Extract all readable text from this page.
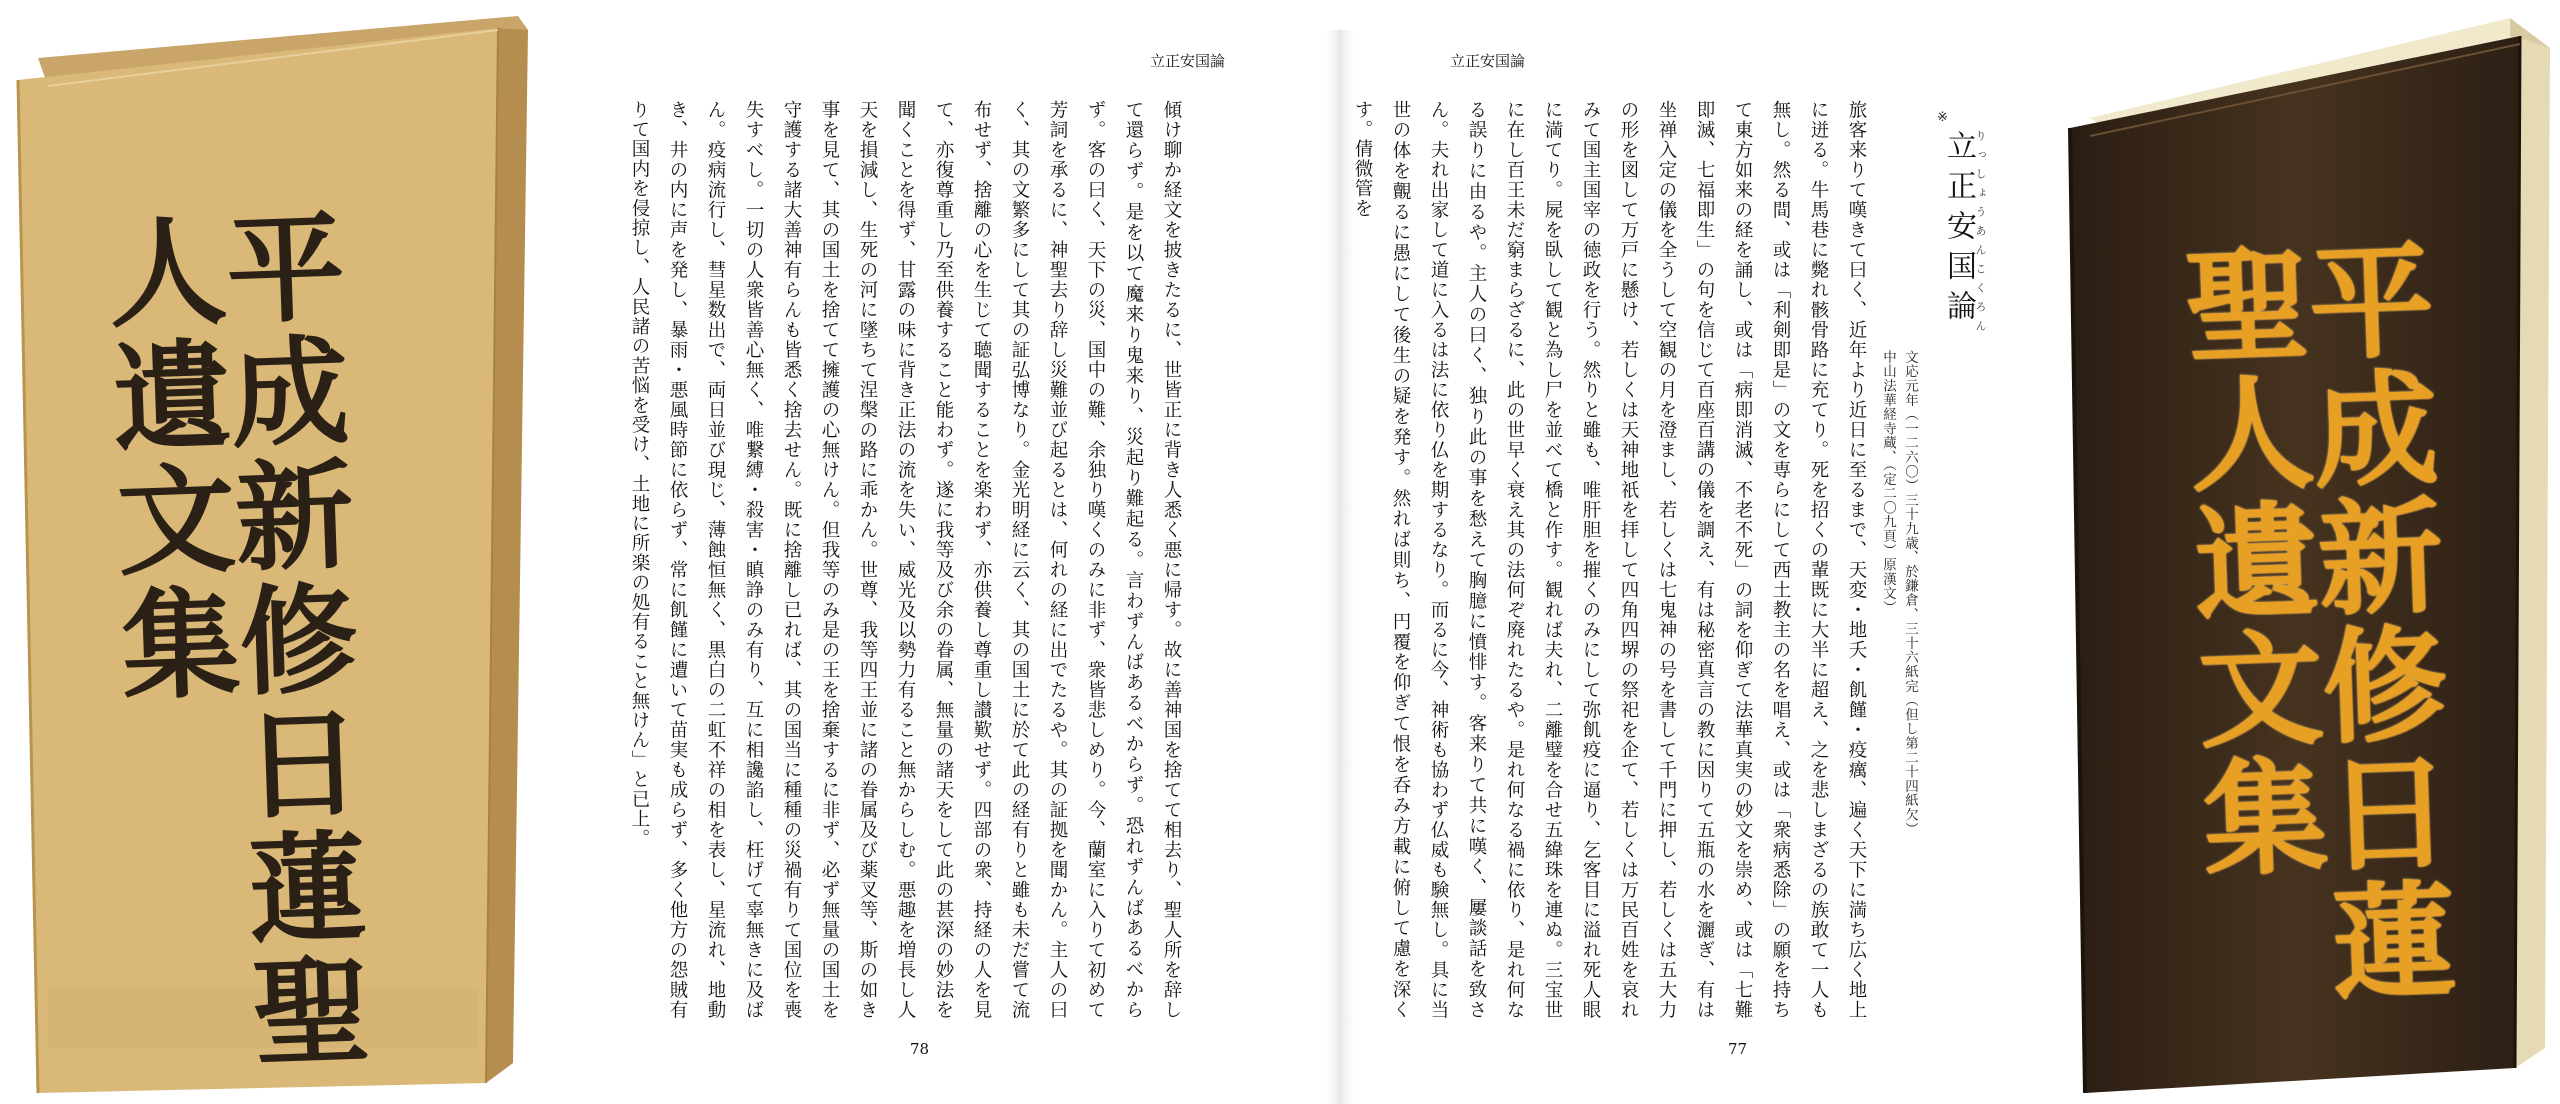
平成新修日蓮聖人遺文集
立正安国論
傾け聊か経文を披きたるに、世皆正に背き人悉く悪に帰す。故に善神国を捨てて相去り、聖人所を辞して還らず。是を以て魔来り鬼来り、災起り難起る。言わずんばあるべからず。恐れずんばあるべからず。客の曰く、天下の災、国中の難、余独り嘆くのみに非ず、衆皆悲しめり。今、蘭室に入りて初めて芳詞を承るに、神聖去り辞し災難並び起るとは、何れの経に出でたるや。其の証拠を聞かん。主人の曰く、其の文繁多にして其の証弘博なり。金光明経に云く、其の国土に於て此の経有りと雖も未だ嘗て流布せず、捨離の心を生じて聴聞することを楽わず、亦供養し尊重し讃歎せず。四部の衆、持経の人を見て、亦復尊重し乃至供養すること能わず。遂に我等及び余の眷属、無量の諸天をして此の甚深の妙法を聞くことを得ず、甘露の味に背き正法の流を失い、威光及以勢力有ること無からしむ。悪趣を増長し人天を損減し、生死の河に墜ちて涅槃の路に乖かん。世尊、我等四王並に諸の眷属及び薬叉等、斯の如き事を見て、其の国土を捨てて擁護の心無けん。但我等のみ是の王を捨棄するに非ず、必ず無量の国土を守護する諸大善神有らんも皆悉く捨去せん。既に捨離し已れば、其の国当に種種の災禍有りて国位を喪失すべし。一切の人衆皆善心無く、唯繋縛・殺害・瞋諍のみ有り、互に相讒諂し、枉げて辜無きに及ばん。疫病流行し、彗星数出で、両日並び現じ、薄蝕恒無く、黒白の二虹不祥の相を表し、星流れ、地動き、井の内に声を発し、暴雨・悪風時節に依らず、常に飢饉に遭いて苗実も成らず、多く他方の怨賊有りて国内を侵掠し、人民諸の苦悩を受け、土地に所楽の処有ること無けん」と已上。
78
立正安国論
※
りっしょうあんこくろん
立正安国論
文応元年（一二六〇）三十九歳、於鎌倉、三十六紙完（但し第二十四紙欠）
中山法華経寺蔵、（定二〇九頁）原漢文）
旅客来りて嘆きて曰く、近年より近日に至るまで、天変・地夭・飢饉・疫癘、遍く天下に満ち広く地上に迸る。牛馬巷に斃れ骸骨路に充てり。死を招くの輩既に大半に超え、之を悲しまざるの族敢て一人も無し。然る間、或は「利剣即是」の文を専らにして西土教主の名を唱え、或は「衆病悉除」の願を持ちて東方如来の経を誦し、或は「病即消滅、不老不死」の詞を仰ぎて法華真実の妙文を崇め、或は「七難即滅、七福即生」の句を信じて百座百講の儀を調え、有は秘密真言の教に因りて五瓶の水を灑ぎ、有は坐禅入定の儀を全うして空観の月を澄まし、若しくは七鬼神の号を書して千門に押し、若しくは五大力の形を図して万戸に懸け、若しくは天神地祇を拝して四角四堺の祭祀を企て、若しくは万民百姓を哀れみて国主国宰の徳政を行う。然りと雖も、唯肝胆を摧くのみにして弥飢疫に逼り、乞客目に溢れ死人眼に満てり。屍を臥して観と為し尸を並べて橋と作す。観れば夫れ、二離璧を合せ五緯珠を連ぬ。三宝世に在し百王未だ窮まらざるに、此の世早く衰え其の法何ぞ廃れたるや。是れ何なる禍に依り、是れ何なる誤りに由るや。主人の曰く、独り此の事を愁えて胸臆に憤悱す。客来りて共に嘆く、屢談話を致さん。夫れ出家して道に入るは法に依り仏を期するなり。而るに今、神術も協わず仏威も験無し。具に当世の体を覿るに愚にして後生の疑を発す。然れば則ち、円覆を仰ぎて恨を呑み方載に俯して慮を深くす。倩微管を
77
平成新修日蓮聖人遺文集
